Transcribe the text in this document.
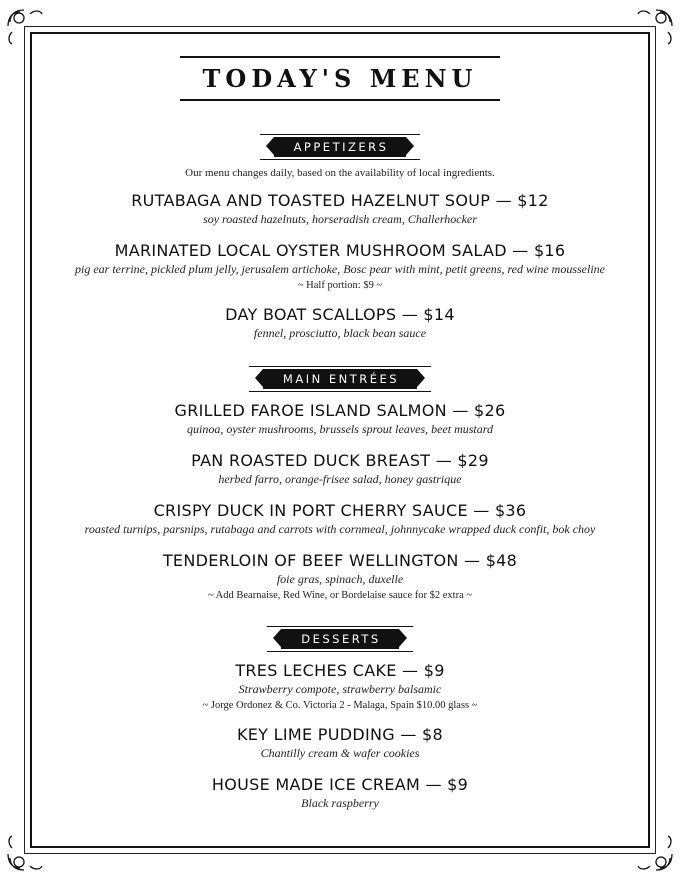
TODAY'S MENU
APPETIZERS
Our menu changes daily, based on the availability of local ingredients.
RUTABAGA AND TOASTED HAZELNUT SOUP — $12
soy roasted hazelnuts, horseradish cream, Challerhocker
MARINATED LOCAL OYSTER MUSHROOM SALAD — $16
pig ear terrine, pickled plum jelly, jerusalem artichoke, Bosc pear with mint, petit greens, red wine mousseline
~ Half portion: $9 ~
DAY BOAT SCALLOPS — $14
fennel, prosciutto, black bean sauce
MAIN ENTRÉES
GRILLED FAROE ISLAND SALMON — $26
quinoa, oyster mushrooms, brussels sprout leaves, beet mustard
PAN ROASTED DUCK BREAST — $29
herbed farro, orange-frisee salad, honey gastrique
CRISPY DUCK IN PORT CHERRY SAUCE — $36
roasted turnips, parsnips, rutabaga and carrots with cornmeal, johnnycake wrapped duck confit, bok choy
TENDERLOIN OF BEEF WELLINGTON — $48
foie gras, spinach, duxelle
~ Add Bearnaise, Red Wine, or Bordelaise sauce for $2 extra ~
DESSERTS
TRES LECHES CAKE — $9
Strawberry compote, strawberry balsamic
~ Jorge Ordonez & Co. Victoria 2 - Malaga, Spain $10.00 glass ~
KEY LIME PUDDING — $8
Chantilly cream & wafer cookies
HOUSE MADE ICE CREAM — $9
Black raspberry
